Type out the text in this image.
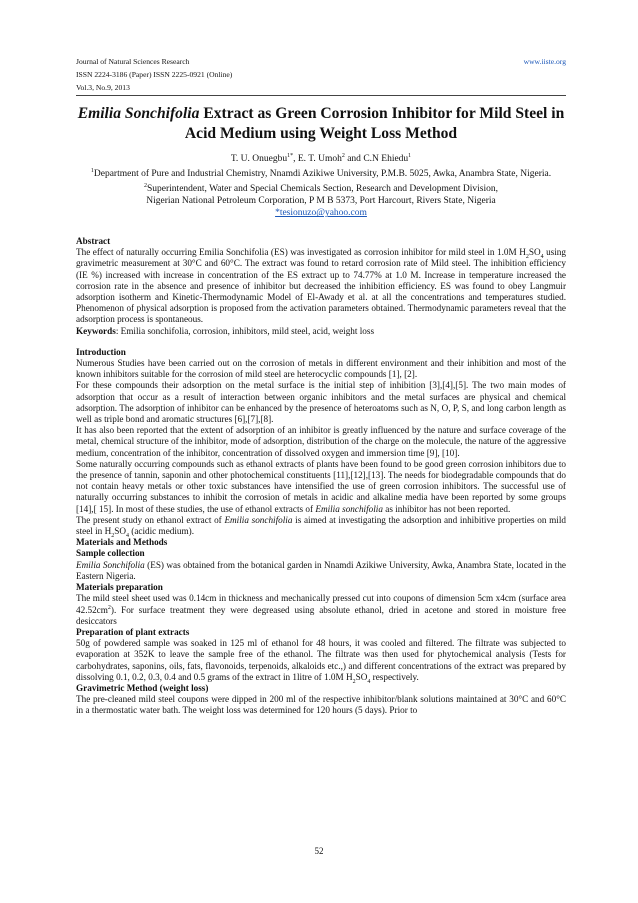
Journal of Natural Sciences Research	www.iiste.org
ISSN 2224-3186 (Paper) ISSN 2225-0921 (Online)
Vol.3, No.9, 2013
Emilia Sonchifolia Extract as Green Corrosion Inhibitor for Mild Steel in Acid Medium using Weight Loss Method
T. U. Onuegbu$^{1*}$, E. T. Umoh$^2$ and C.N Ehiedu$^1$
$^1$Department of Pure and Industrial Chemistry, Nnamdi Azikiwe University, P.M.B. 5025, Awka, Anambra State, Nigeria.
$^2$Superintendent, Water and Special Chemicals Section, Research and Development Division,
Nigerian National Petroleum Corporation, P M B 5373, Port Harcourt, Rivers State, Nigeria
*tesionuzo@yahoo.com

Abstract

The effect of naturally occurring Emilia Sonchifolia (ES) was investigated as corrosion inhibitor for mild steel in 1.0M $H_2SO_4$ using gravimetric measurement at 30°C and 60°C. The extract was found to retard corrosion rate of Mild steel. The inhibition efficiency (IE %) increased with increase in concentration of the ES extract up to 74.77% at 1.0 M. Increase in temperature increased the corrosion rate in the absence and presence of inhibitor but decreased the inhibition efficiency. ES was found to obey Langmuir adsorption isotherm and Kinetic-Thermodynamic Model of El-Awady et al. at all the concentrations and temperatures studied. Phenomenon of physical adsorption is proposed from the activation parameters obtained. Thermodynamic parameters reveal that the adsorption process is spontaneous.

Keywords: Emilia sonchifolia, corrosion, inhibitors, mild steel, acid, weight loss

Introduction

Numerous Studies have been carried out on the corrosion of metals in different environment and their inhibition and most of the known inhibitors suitable for the corrosion of mild steel are heterocyclic compounds [1], [2].

For these compounds their adsorption on the metal surface is the initial step of inhibition [3],[4],[5]. The two main modes of adsorption that occur as a result of interaction between organic inhibitors and the metal surfaces are physical and chemical adsorption. The adsorption of inhibitor can be enhanced by the presence of heteroatoms such as N, O, P, S, and long carbon length as well as triple bond and aromatic structures [6],[7],[8].

It has also been reported that the extent of adsorption of an inhibitor is greatly influenced by the nature and surface coverage of the metal, chemical structure of the inhibitor, mode of adsorption, distribution of the charge on the molecule, the nature of the aggressive medium, concentration of the inhibitor, concentration of dissolved oxygen and immersion time [9], [10].

Some naturally occurring compounds such as ethanol extracts of plants have been found to be good green corrosion inhibitors due to the presence of tannin, saponin and other photochemical constituents [11],[12],[13]. The needs for biodegradable compounds that do not contain heavy metals or other toxic substances have intensified the use of green corrosion inhibitors. The successful use of naturally occurring substances to inhibit the corrosion of metals in acidic and alkaline media have been reported by some groups [14],[ 15]. In most of these studies, the use of ethanol extracts of Emilia sonchifolia as inhibitor has not been reported.

The present study on ethanol extract of Emilia sonchifolia is aimed at investigating the adsorption and inhibitive properties on mild steel in $H_2SO_4$ (acidic medium).

Materials and Methods

Sample collection

Emilia Sonchifolia (ES) was obtained from the botanical garden in Nnamdi Azikiwe University, Awka, Anambra State, located in the Eastern Nigeria.

Materials preparation

The mild steel sheet used was 0.14cm in thickness and mechanically pressed cut into coupons of dimension 5cm x4cm (surface area $42.52cm^2$). For surface treatment they were degreased using absolute ethanol, dried in acetone and stored in moisture free desiccators

Preparation of plant extracts

50g of powdered sample was soaked in 125 ml of ethanol for 48 hours, it was cooled and filtered. The filtrate was subjected to evaporation at 352K to leave the sample free of the ethanol. The filtrate was then used for phytochemical analysis (Tests for carbohydrates, saponins, oils, fats, flavonoids, terpenoids, alkaloids etc.,) and different concentrations of the extract was prepared by dissolving 0.1, 0.2, 0.3, 0.4 and 0.5 grams of the extract in 1litre of 1.0M $H_2SO_4$ respectively.

Gravimetric Method (weight loss)

The pre-cleaned mild steel coupons were dipped in 200 ml of the respective inhibitor/blank solutions maintained at 30°C and 60°C in a thermostatic water bath. The weight loss was determined for 120 hours (5 days). Prior to

52
